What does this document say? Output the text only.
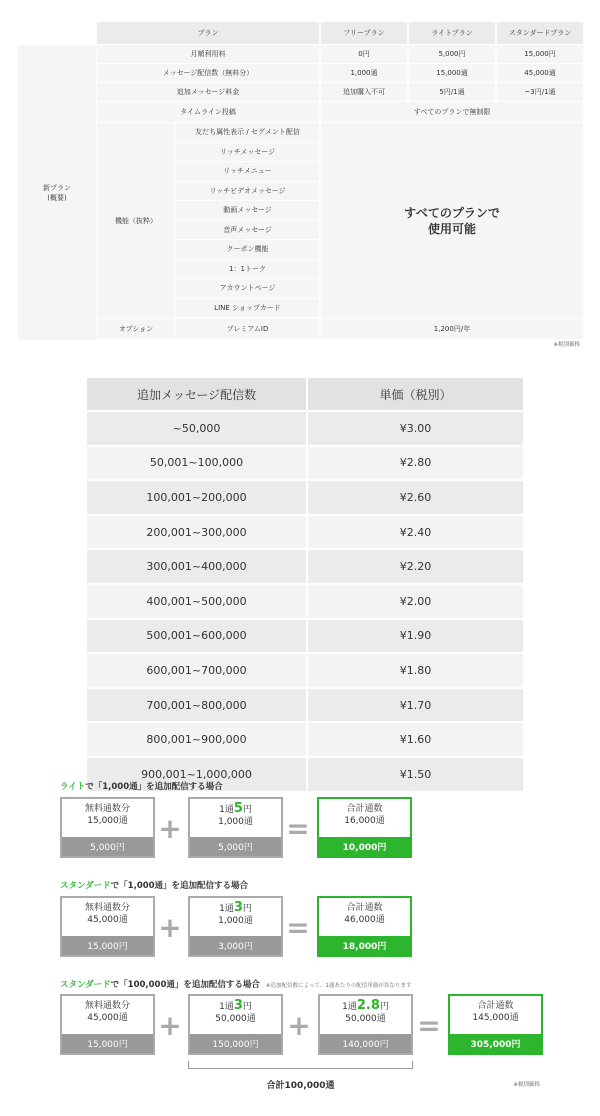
プラン	フリープラン	ライトプラン	スタンダードプラン
新プラン
(概要)
月額利用料	0円	5,000円	15,000円
メッセージ配信数（無料分）	1,000通	15,000通	45,000通
追加メッセージ料金	追加購入不可	5円/1通	~3円/1通
タイムライン投稿	すべてのプランで無制限
機能（抜粋）
友だち属性表示 / セグメント配信
リッチメッセージ
リッチメニュー
リッチビデオメッセージ
動画メッセージ
音声メッセージ
クーポン機能
1：1トーク
アカウントページ
LINE ショップカード
すべてのプランで
使用可能
オプション	プレミアムID	1,200円/年
※税別価格
追加メッセージ配信数	単価（税別）
~50,000	¥3.00
50,001~100,000	¥2.80
100,001~200,000	¥2.60
200,001~300,000	¥2.40
300,001~400,000	¥2.20
400,001~500,000	¥2.00
500,001~600,000	¥1.90
600,001~700,000	¥1.80
700,001~800,000	¥1.70
800,001~900,000	¥1.60
900,001~1,000,000	¥1.50
ライトで「1,000通」を追加配信する場合
無料通数分
15,000通
5,000円
+
1通5円
1,000通
5,000円
=
合計通数
16,000通
10,000円
スタンダードで「1,000通」を追加配信する場合
無料通数分
45,000通
15,000円
+
1通3円
1,000通
3,000円
=
合計通数
46,000通
18,000円
スタンダードで「100,000通」を追加配信する場合 ※追加配信数によって、1通あたりの配信単価が異なります
無料通数分
45,000通
15,000円
+
1通3円
50,000通
150,000円
+
1通2.8円
50,000通
140,000円
=
合計通数
145,000通
305,000円
合計100,000通	※税別価格
